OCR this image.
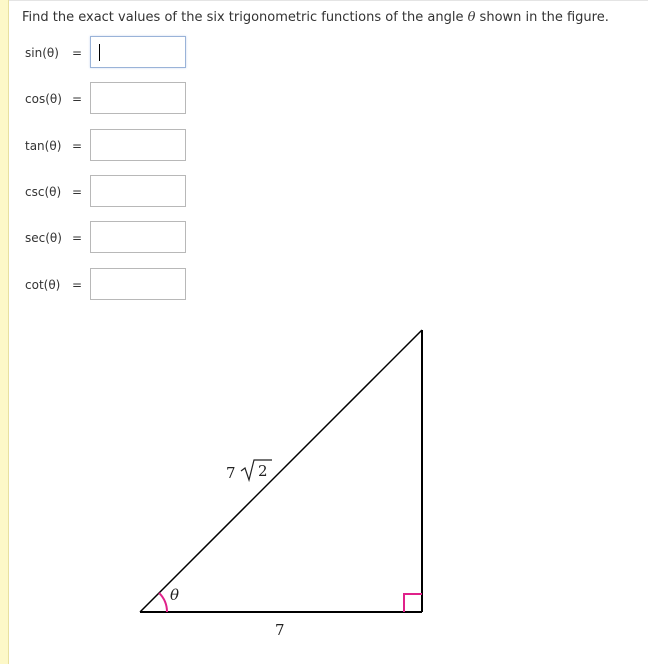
Find the exact values of the six trigonometric functions of the angle θ shown in the figure.
sin(θ) =
cos(θ) =
tan(θ) =
csc(θ) =
sec(θ) =
cot(θ) =
7 2
θ
7
